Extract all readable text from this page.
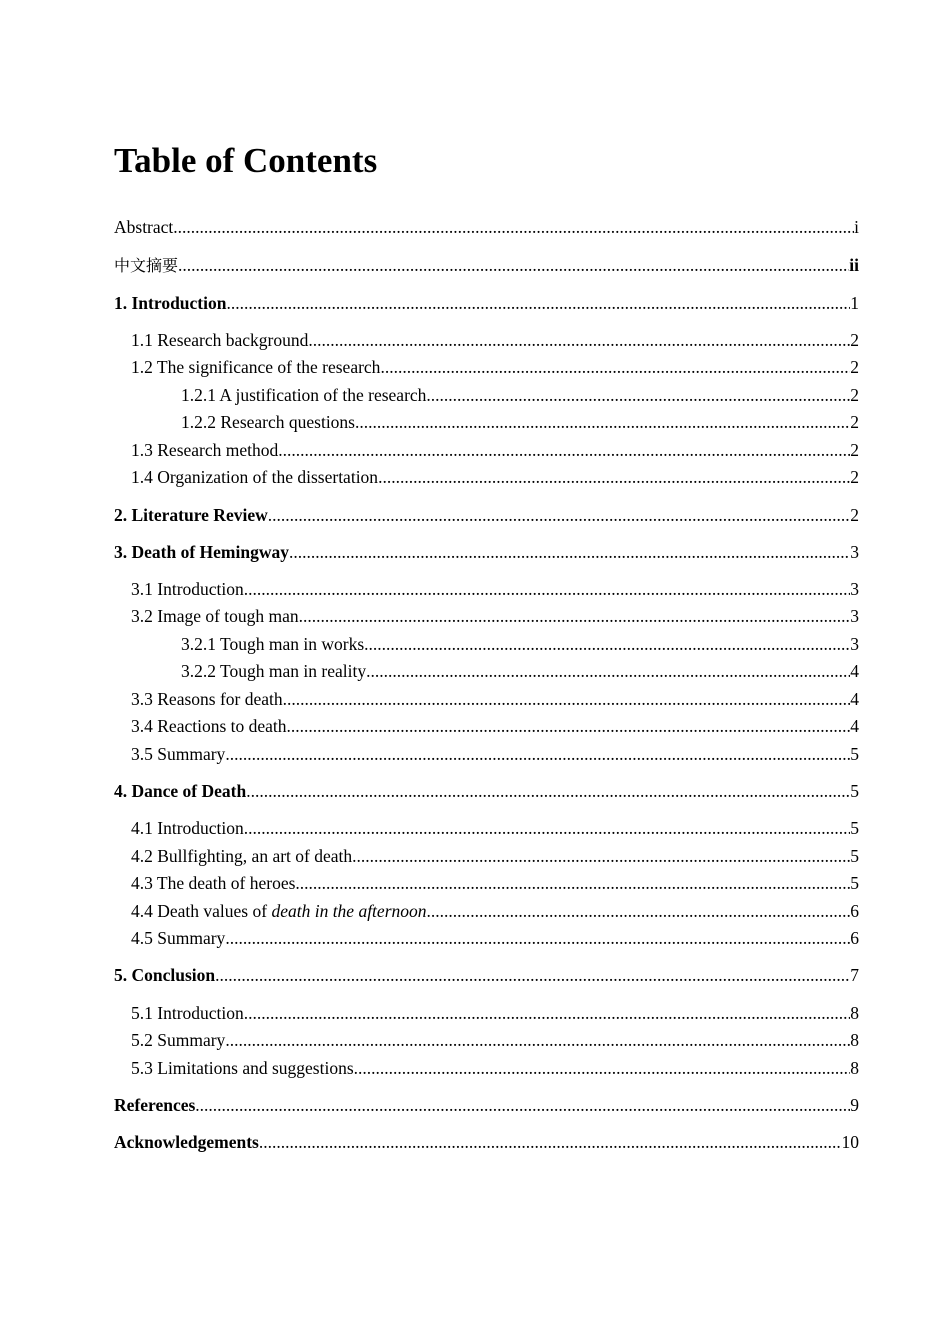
Table of Contents
Abstract .....	i
中文摘要 .....	ii
1. Introduction .....	1
1.1 Research background .....	2
1.2 The significance of the research .....	2
1.2.1 A justification of the research .....	2
1.2.2 Research questions .....	2
1.3 Research method .....	2
1.4 Organization of the dissertation .....	2
2. Literature Review .....	2
3. Death of Hemingway .....	3
3.1 Introduction .....	3
3.2 Image of tough man .....	3
3.2.1 Tough man in works .....	3
3.2.2 Tough man in reality .....	4
3.3 Reasons for death .....	4
3.4 Reactions to death .....	4
3.5 Summary .....	5
4. Dance of Death .....	5
4.1 Introduction .....	5
4.2 Bullfighting, an art of death .....	5
4.3 The death of heroes .....	5
4.4 Death values of death in the afternoon .....	6
4.5 Summary .....	6
5. Conclusion .....	7
5.1 Introduction .....	8
5.2 Summary .....	8
5.3 Limitations and suggestions .....	8
References .....	9
Acknowledgements .....	10
